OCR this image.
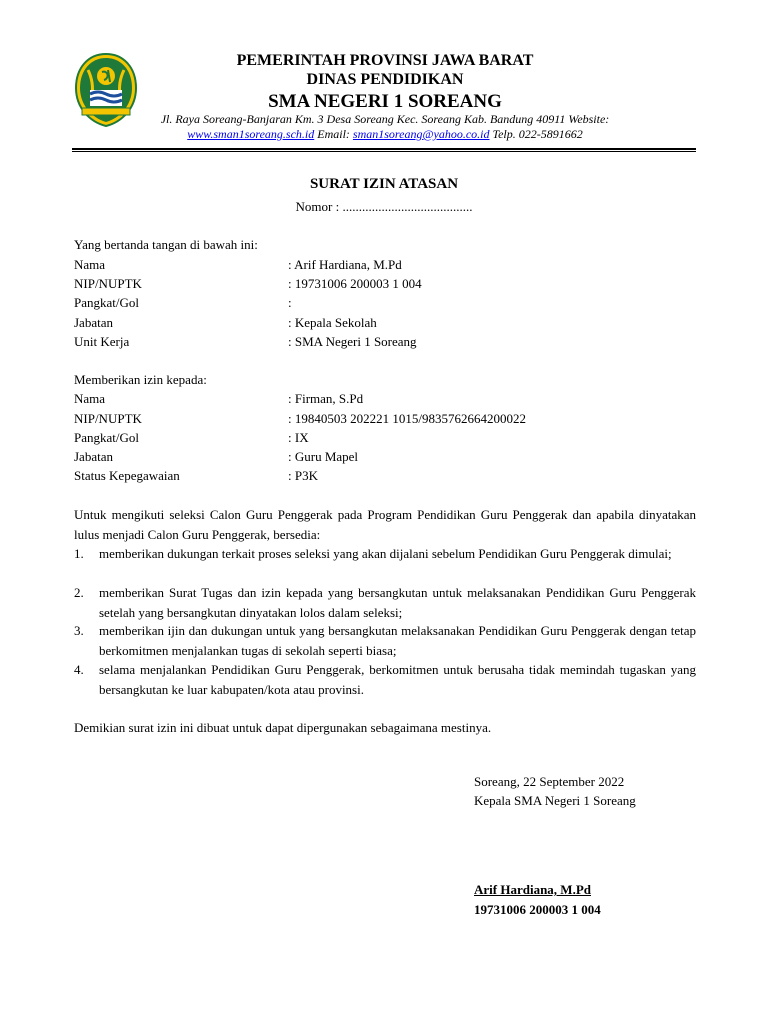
PEMERINTAH PROVINSI JAWA BARAT
DINAS PENDIDIKAN
SMA NEGERI 1 SOREANG
Jl. Raya Soreang-Banjaran Km. 3 Desa Soreang Kec. Soreang Kab. Bandung 40911 Website:
www.sman1soreang.sch.id Email: sman1soreang@yahoo.co.id Telp. 022-5891662
SURAT IZIN ATASAN
Nomor : ........................................
Yang bertanda tangan di bawah ini:
Nama	: Arif Hardiana, M.Pd
NIP/NUPTK	: 19731006 200003 1 004
Pangkat/Gol	:
Jabatan	: Kepala Sekolah
Unit Kerja	: SMA Negeri 1 Soreang
Memberikan izin kepada:
Nama	: Firman, S.Pd
NIP/NUPTK	: 19840503 202221 1015/9835762664200022
Pangkat/Gol	: IX
Jabatan	: Guru Mapel
Status Kepegawaian	: P3K
Untuk mengikuti seleksi Calon Guru Penggerak pada Program Pendidikan Guru Penggerak dan apabila dinyatakan lulus menjadi Calon Guru Penggerak, bersedia:
1. memberikan dukungan terkait proses seleksi yang akan dijalani sebelum Pendidikan Guru Penggerak dimulai;
2. memberikan Surat Tugas dan izin kepada yang bersangkutan untuk melaksanakan Pendidikan Guru Penggerak setelah yang bersangkutan dinyatakan lolos dalam seleksi;
3. memberikan ijin dan dukungan untuk yang bersangkutan melaksanakan Pendidikan Guru Penggerak dengan tetap berkomitmen menjalankan tugas di sekolah seperti biasa;
4. selama menjalankan Pendidikan Guru Penggerak, berkomitmen untuk berusaha tidak memindah tugaskan yang bersangkutan ke luar kabupaten/kota atau provinsi.
Demikian surat izin ini dibuat untuk dapat dipergunakan sebagaimana mestinya.
Soreang, 22 September 2022
Kepala SMA Negeri 1 Soreang
Arif Hardiana, M.Pd
19731006 200003 1 004
